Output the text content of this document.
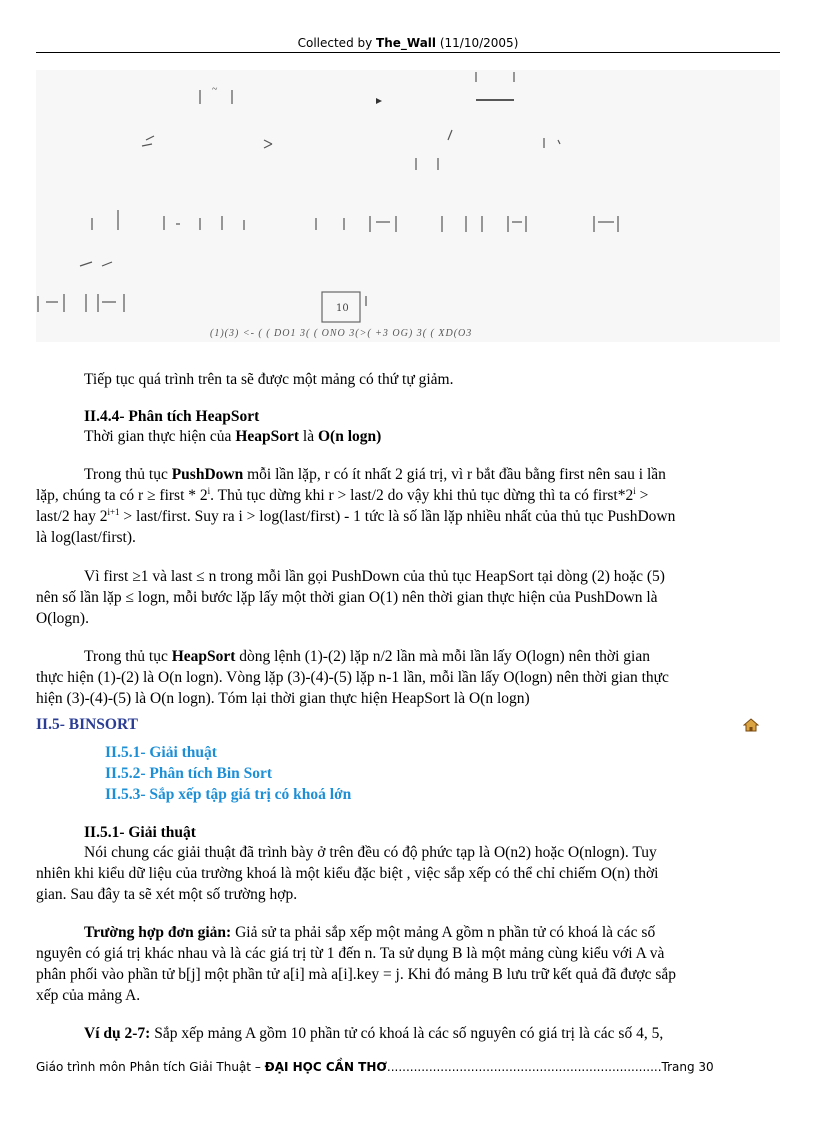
Collected by The_Wall (11/10/2005)
~
10
(1)(3) <- ( ( DO1 3( ( ONO 3(>( +3 OG) 3( ( XD(O3
Tiếp tục quá trình trên ta sẽ được một mảng có thứ tự giảm.
II.4.4- Phân tích HeapSort
Thời gian thực hiện của HeapSort là O(n logn)
Trong thủ tục PushDown mỗi lần lặp, r có ít nhất 2 giá trị, vì r bắt đầu bằng first nên sau i lần
lặp, chúng ta có r ≥ first * 2$^i$. Thủ tục dừng khi r > last/2 do vậy khi thủ tục dừng thì ta có $first*2^i$ >
last/2 hay $2^{i+1}$ > last/first. Suy ra i > log(last/first) - 1 tức là số lần lặp nhiều nhất của thủ tục PushDown
là log(last/first).
Vì first ≥1 và last ≤ n trong mỗi lần gọi PushDown của thủ tục HeapSort tại dòng (2) hoặc (5)
nên số lần lặp ≤ logn, mỗi bước lặp lấy một thời gian O(1) nên thời gian thực hiện của PushDown là
O(logn).
Trong thủ tục HeapSort dòng lệnh (1)-(2) lặp n/2 lần mà mỗi lần lấy O(logn) nên thời gian
thực hiện (1)-(2) là O(n logn). Vòng lặp (3)-(4)-(5) lặp n-1 lần, mỗi lần lấy O(logn) nên thời gian thực
hiện (3)-(4)-(5) là O(n logn). Tóm lại thời gian thực hiện HeapSort là O(n logn)
II.5- BINSORT
II.5.1- Giải thuật
II.5.2- Phân tích Bin Sort
II.5.3- Sắp xếp tập giá trị có khoá lớn
II.5.1- Giải thuật
Nói chung các giải thuật đã trình bày ở trên đều có độ phức tạp là O(n2) hoặc O(nlogn). Tuy
nhiên khi kiểu dữ liệu của trường khoá là một kiểu đặc biệt , việc sắp xếp có thể chỉ chiếm O(n) thời
gian. Sau đây ta sẽ xét một số trường hợp.
Trường hợp đơn giản: Giả sử ta phải sắp xếp một mảng A gồm n phần tử có khoá là các số
nguyên có giá trị khác nhau và là các giá trị từ 1 đến n. Ta sử dụng B là một mảng cùng kiểu với A và
phân phối vào phần tử b[j] một phần tử a[i] mà a[i].key = j. Khi đó mảng B lưu trữ kết quả đã được sắp
xếp của mảng A.
Ví dụ 2-7: Sắp xếp mảng A gồm 10 phần tử có khoá là các số nguyên có giá trị là các số 4, 5,
Giáo trình môn Phân tích Giải Thuật – ĐẠI HỌC CẦN THƠ........................................................................Trang 30
